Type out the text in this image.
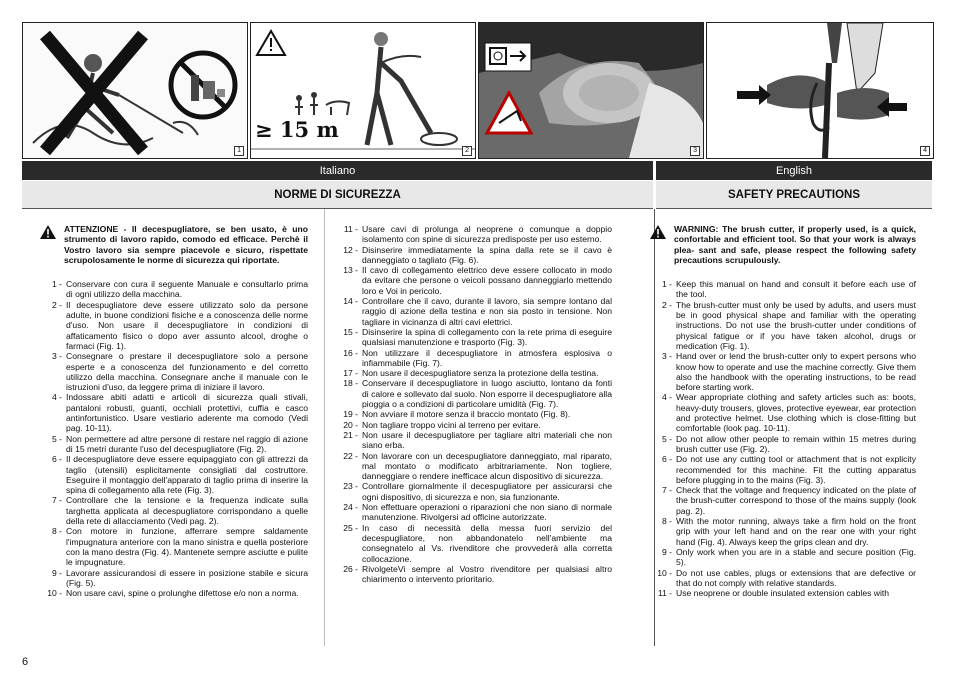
1
≥ 15 m
2	3	4
Italiano	English
NORME DI SICUREZZA	SAFETY PRECAUTIONS
ATTENZIONE - Il decespugliatore, se ben usato, è uno strumento di lavoro rapido, comodo ed efficace. Perchè il Vostro lavoro sia sempre piacevole e sicuro, rispettate scrupolosamente le norme di sicurezza qui riportate.
1 - Conservare con cura il seguente Manuale e consultarlo prima di ogni utilizzo della macchina.
2 - Il decespugliatore deve essere utilizzato solo da persone adulte, in buone condizioni fisiche e a conoscenza delle norme d'uso. Non usare il decespugliatore in condizioni di affaticamento fisico o dopo aver assunto alcool, droghe o farmaci (Fig. 1).
3 - Consegnare o prestare il decespugliatore solo a persone esperte e a conoscenza del funzionamento e del corretto utilizzo della macchina. Consegnare anche il manuale con le istruzioni d'uso, da leggere prima di iniziare il lavoro.
4 - Indossare abiti adatti e articoli di sicurezza quali stivali, pantaloni robusti, guanti, occhiali protettivi, cuffia e casco antinfortunistico. Usare vestiario aderente ma comodo (Vedi pag. 10-11).
5 - Non permettere ad altre persone di restare nel raggio di azione di 15 metri durante l'uso del decespugliatore (Fig. 2).
6 - Il decespugliatore deve essere equipaggiato con gli attrezzi da taglio (utensili) esplicitamente consigliati dal costruttore. Eseguire il montaggio dell'apparato di taglio prima di inserire la spina di collegamento alla rete (Fig. 3).
7 - Controllare che la tensione e la frequenza indicate sulla targhetta applicata al decespugliatore corrispondano a quelle della rete di allacciamento (Vedi pag. 2).
8 - Con motore in funzione, afferrare sempre saldamente l'impugnatura anteriore con la mano sinistra e quella posteriore con la mano destra (Fig. 4). Mantenete sempre asciutte e pulite le impugnature.
9 - Lavorare assicurandosi di essere in posizione stabile e sicura (Fig. 5).
10 - Non usare cavi, spine o prolunghe difettose e/o non a norma.
11 - Usare cavi di prolunga al neoprene o comunque a doppio isolamento con spine di sicurezza predisposte per uso esterno.
12 - Disinserire immediatamente la spina dalla rete se il cavo è danneggiato o tagliato (Fig. 6).
13 - Il cavo di collegamento elettrico deve essere collocato in modo da evitare che persone o veicoli possano danneggiarlo mettendo loro e Voi in pericolo.
14 - Controllare che il cavo, durante il lavoro, sia sempre lontano dal raggio di azione della testina e non sia posto in tensione. Non tagliare in vicinanza di altri cavi elettrici.
15 - Disinserire la spina di collegamento con la rete prima di eseguire qualsiasi manutenzione e trasporto (Fig. 3).
16 - Non utilizzare il decespugliatore in atmosfera esplosiva o infiammabile (Fig. 7).
17 - Non usare il decespugliatore senza la protezione della testina.
18 - Conservare il decespugliatore in luogo asciutto, lontano da fonti di calore e sollevato dal suolo. Non esporre il decespugliatore alla pioggia o a condizioni di particolare umidità (Fig. 7).
19 - Non avviare il motore senza il braccio montato (Fig. 8).
20 - Non tagliare troppo vicini al terreno per evitare.
21 - Non usare il decespugliatore per tagliare altri materiali che non siano erba.
22 - Non lavorare con un decespugliatore danneggiato, mal riparato, mal montato o modificato arbitrariamente. Non togliere, danneggiare o rendere inefficace alcun dispositivo di sicurezza.
23 - Controllare giornalmente il decespugliatore per assicurarsi che ogni dispositivo, di sicurezza e non, sia funzionante.
24 - Non effettuare operazioni o riparazioni che non siano di normale manutenzione. Rivolgersi ad officine autorizzate.
25 - In caso di necessità della messa fuori servizio del decespugliatore, non abbandonatelo nell'ambiente ma consegnatelo al Vs. rivenditore che provvederà alla corretta collocazione.
26 - RivolgeteVi sempre al Vostro rivenditore per qualsiasi altro chiarimento o intervento prioritario.
WARNING: The brush cutter, if properly used, is a quick, confortable and efficient tool. So that your work is always plea- sant and safe, please respect the following safety precautions scrupulously.
1 - Keep this manual on hand and consult it before each use of the tool.
2 - The brush-cutter must only be used by adults, and users must be in good physical shape and familiar with the operating instructions. Do not use the brush-cutter under conditions of physical fatigue or if you have taken alcohol, drugs or medication (Fig. 1).
3 - Hand over or lend the brush-cutter only to expert persons who know how to operate and use the machine correctly. Give them also the handbook with the operating instructions, to be read before starting work.
4 - Wear appropriate clothing and safety articles such as: boots, heavy-duty trousers, gloves, protective eyewear, ear protection and protective helmet. Use clothing which is close-fitting but comfortable (look pag. 10-11).
5 - Do not allow other people to remain within 15 metres during brush cutter use (Fig. 2).
6 - Do not use any cutting tool or attachment that is not explicity recommended for this machine. Fit the cutting apparatus before plugging in to the mains (Fig. 3).
7 - Check that the voltage and frequency indicated on the plate of the brush-cutter correspond to those of the mains supply (look pag. 2).
8 - With the motor running, always take a firm hold on the front grip with your left hand and on the rear one with your right hand (Fig. 4). Always keep the grips clean and dry.
9 - Only work when you are in a stable and secure position (Fig. 5).
10 - Do not use cables, plugs or extensions that are defective or that do not comply with relative standards.
11 - Use neoprene or double insulated extension cables with
6
